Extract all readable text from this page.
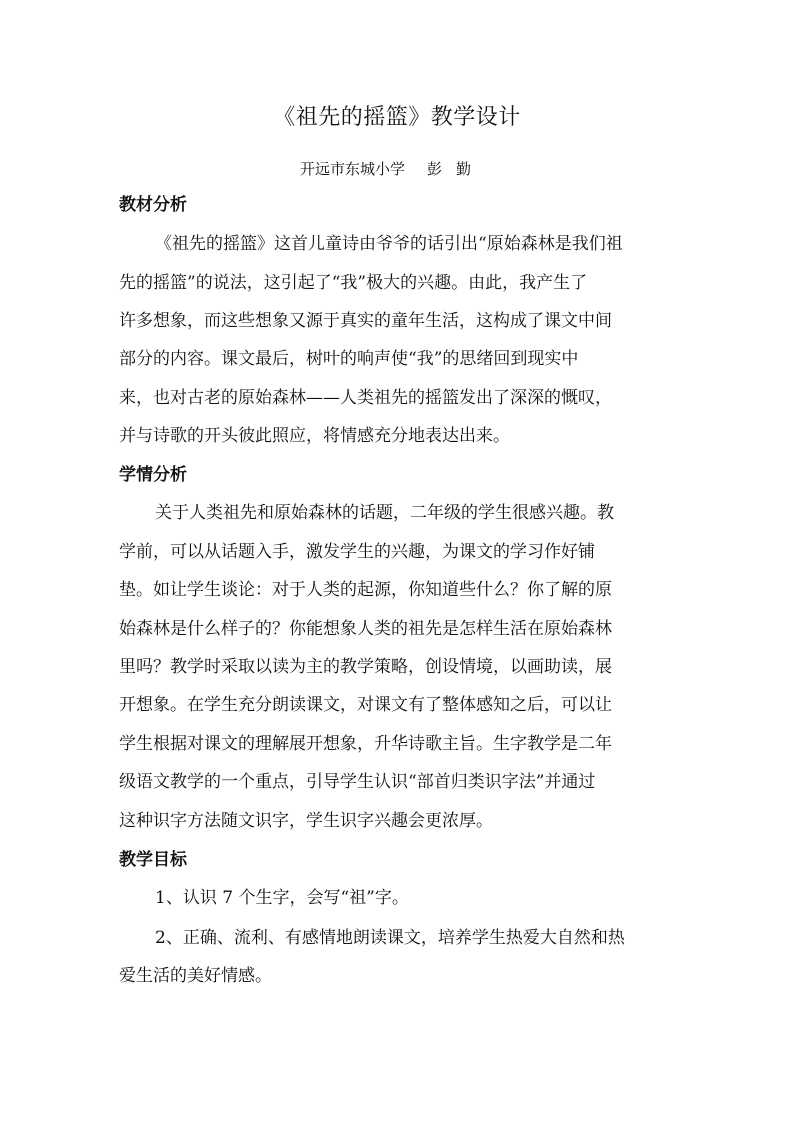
《祖先的摇篮》教学设计
开远市东城小学 彭勤
教材分析
《祖先的摇篮》这首儿童诗由爷爷的话引出“原始森林是我们祖
先的摇篮”的说法，这引起了“我”极大的兴趣。由此，我产生了
许多想象，而这些想象又源于真实的童年生活，这构成了课文中间
部分的内容。课文最后，树叶的响声使“我”的思绪回到现实中
来，也对古老的原始森林——人类祖先的摇篮发出了深深的慨叹，
并与诗歌的开头彼此照应，将情感充分地表达出来。
学情分析
关于人类祖先和原始森林的话题，二年级的学生很感兴趣。教
学前，可以从话题入手，激发学生的兴趣，为课文的学习作好铺
垫。如让学生谈论：对于人类的起源，你知道些什么？你了解的原
始森林是什么样子的？你能想象人类的祖先是怎样生活在原始森林
里吗？教学时采取以读为主的教学策略，创设情境，以画助读，展
开想象。在学生充分朗读课文，对课文有了整体感知之后，可以让
学生根据对课文的理解展开想象，升华诗歌主旨。生字教学是二年
级语文教学的一个重点，引导学生认识“部首归类识字法”并通过
这种识字方法随文识字，学生识字兴趣会更浓厚。
教学目标
1、认识 7 个生字，会写“祖”字。
2、正确、流利、有感情地朗读课文，培养学生热爱大自然和热
爱生活的美好情感。
